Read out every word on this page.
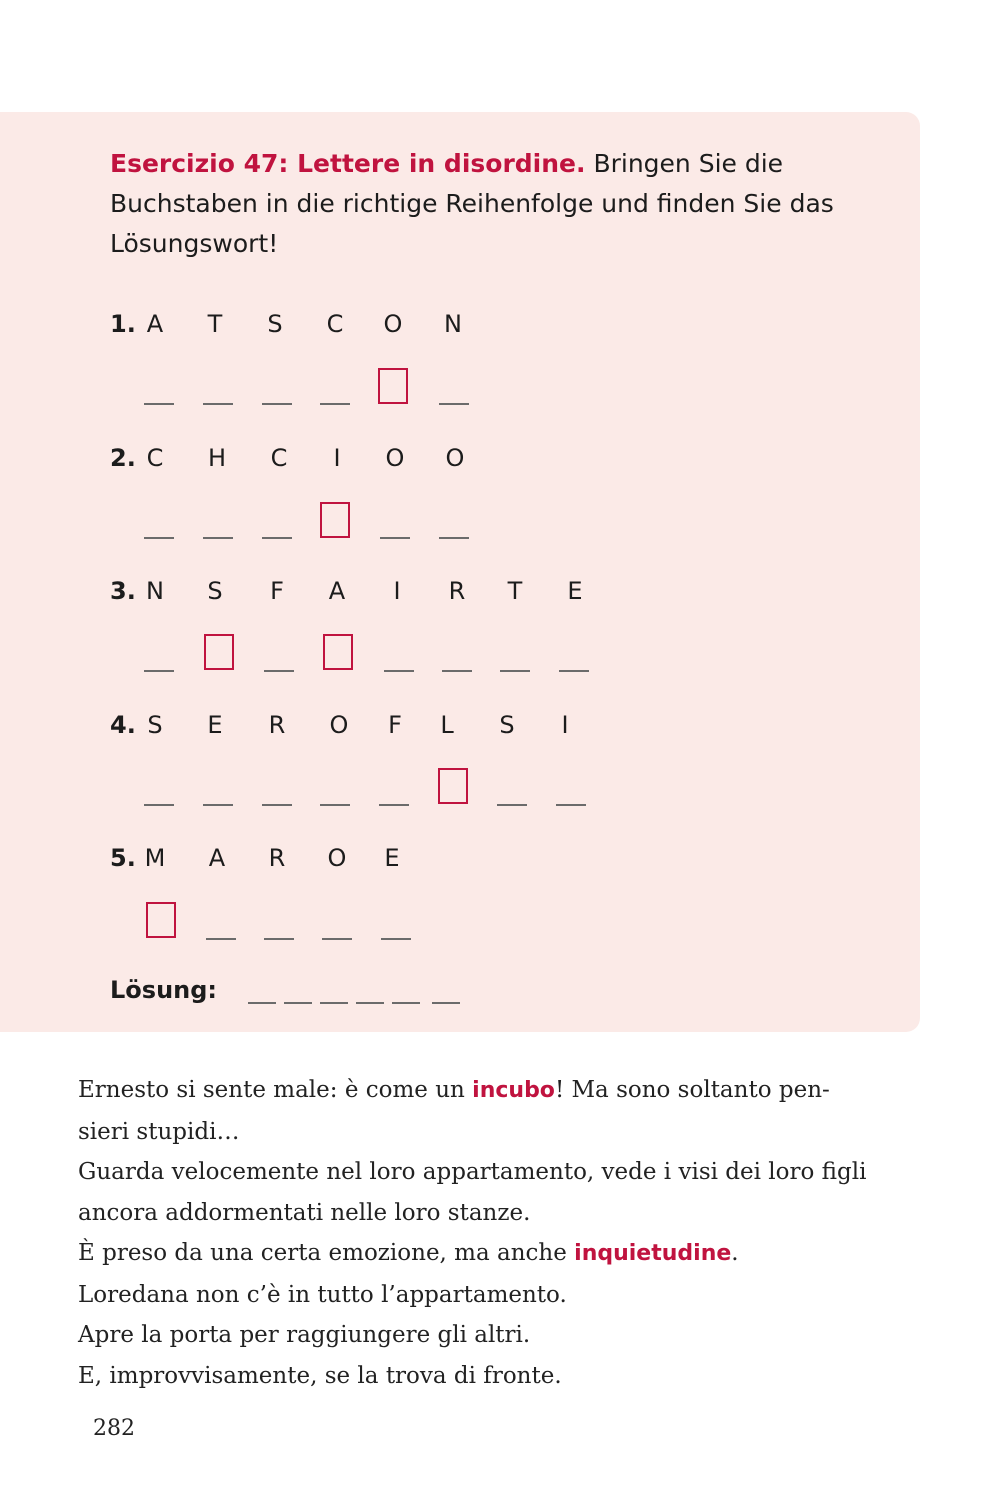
Esercizio 47: Lettere in disordine. Bringen Sie die Buchstaben in die richtige Reihenfolge und finden Sie das Lösungswort!
1. A	T	S	C O N
2. C H C	I	O O
3. N	S	F	A	I	R	T	E
4. S	E	R O	F	L	S	I
5. M A R O	E
Lösung:

Ernesto si sente male: è come un incubo! Ma sono soltanto pen-

sieri stupidi…

Guarda velocemente nel loro appartamento, vede i visi dei loro figli

ancora addormentati nelle loro stanze.

È preso da una certa emozione, ma anche inquietudine.

Loredana non c’è in tutto l’appartamento.

Apre la porta per raggiungere gli altri.

E, improvvisamente, se la trova di fronte.

282
